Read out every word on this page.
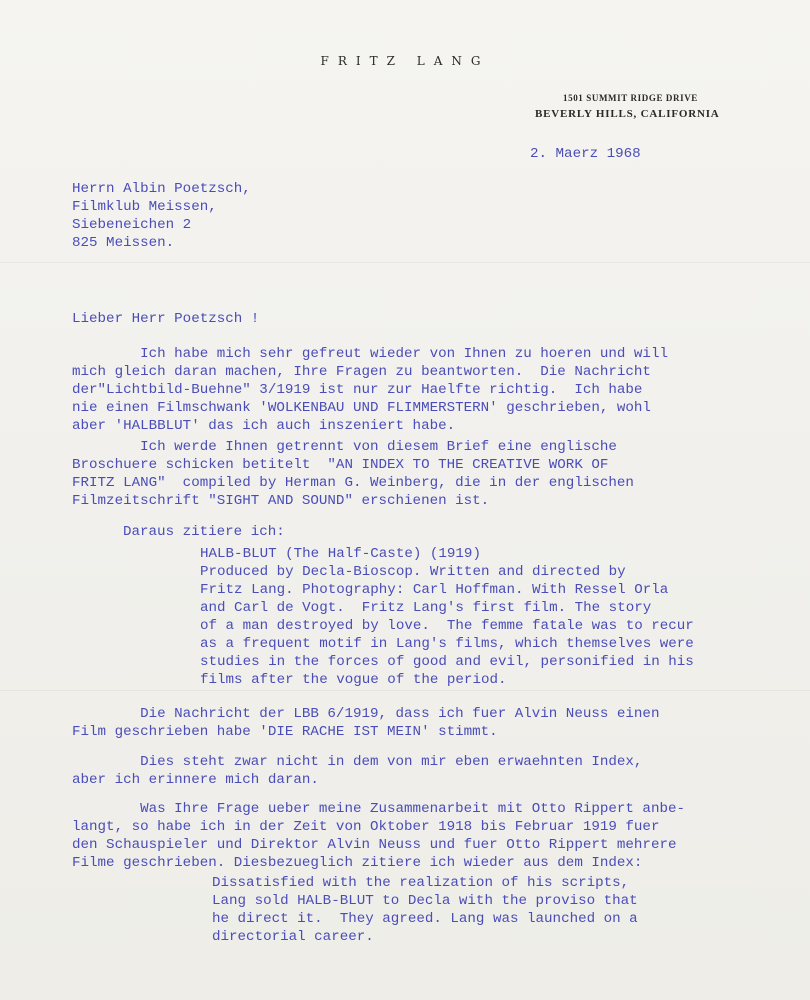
FRITZ LANG
1501 SUMMIT RIDGE DRIVE
BEVERLY HILLS, CALIFORNIA
2. Maerz 1968
Herrn Albin Poetzsch,
Filmklub Meissen,
Siebeneichen 2
825 Meissen.
Lieber Herr Poetzsch !
Ich habe mich sehr gefreut wieder von Ihnen zu hoeren und will
mich gleich daran machen, Ihre Fragen zu beantworten.  Die Nachricht
der"Lichtbild-Buehne" 3/1919 ist nur zur Haelfte richtig.  Ich habe
nie einen Filmschwank 'WOLKENBAU UND FLIMMERSTERN' geschrieben, wohl
aber 'HALBBLUT' das ich auch inszeniert habe.
Ich werde Ihnen getrennt von diesem Brief eine englische
Broschuere schicken betitelt  "AN INDEX TO THE CREATIVE WORK OF
FRITZ LANG"  compiled by Herman G. Weinberg, die in der englischen
Filmzeitschrift "SIGHT AND SOUND" erschienen ist.
Daraus zitiere ich:
HALB-BLUT (The Half-Caste) (1919)
Produced by Decla-Bioscop. Written and directed by
Fritz Lang. Photography: Carl Hoffman. With Ressel Orla
and Carl de Vogt.  Fritz Lang's first film. The story
of a man destroyed by love.  The femme fatale was to recur
as a frequent motif in Lang's films, which themselves were
studies in the forces of good and evil, personified in his
films after the vogue of the period.
Die Nachricht der LBB 6/1919, dass ich fuer Alvin Neuss einen
Film geschrieben habe 'DIE RACHE IST MEIN' stimmt.
Dies steht zwar nicht in dem von mir eben erwaehnten Index,
aber ich erinnere mich daran.
Was Ihre Frage ueber meine Zusammenarbeit mit Otto Rippert anbe-
langt, so habe ich in der Zeit von Oktober 1918 bis Februar 1919 fuer
den Schauspieler und Direktor Alvin Neuss und fuer Otto Rippert mehrere
Filme geschrieben. Diesbezueglich zitiere ich wieder aus dem Index:
Dissatisfied with the realization of his scripts,
Lang sold HALB-BLUT to Decla with the proviso that
he direct it.  They agreed. Lang was launched on a
directorial career.
